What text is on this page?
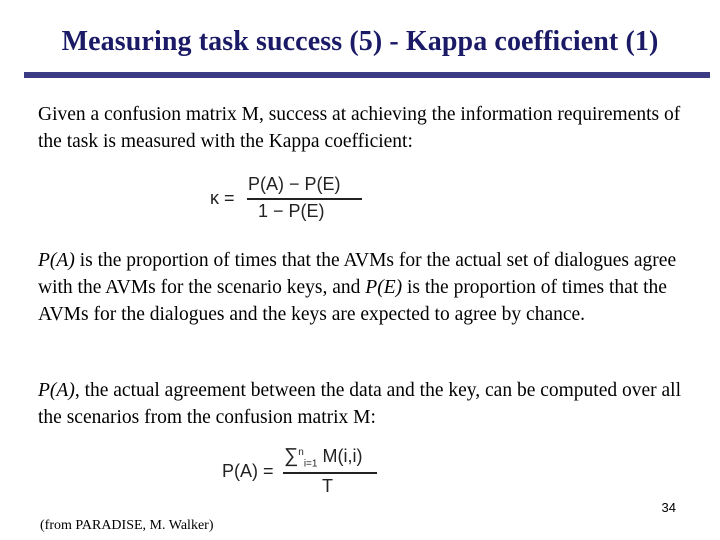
Measuring task success (5) - Kappa coefficient (1)
Given a confusion matrix M, success at achieving the information requirements of the task is measured with the Kappa coefficient:
κ =
P(A) − P(E)
1 − P(E)
P(A) is the proportion of times that the AVMs for the actual set of dialogues agree with the AVMs for the scenario keys, and P(E) is the proportion of times that the AVMs for the dialogues and the keys are expected to agree by chance.
P(A), the actual agreement between the data and the key, can be computed over all the scenarios from the confusion matrix M:
P(A) =
∑$^n_{i=1}$ M(i,i)
T
34
(from PARADISE, M. Walker)
